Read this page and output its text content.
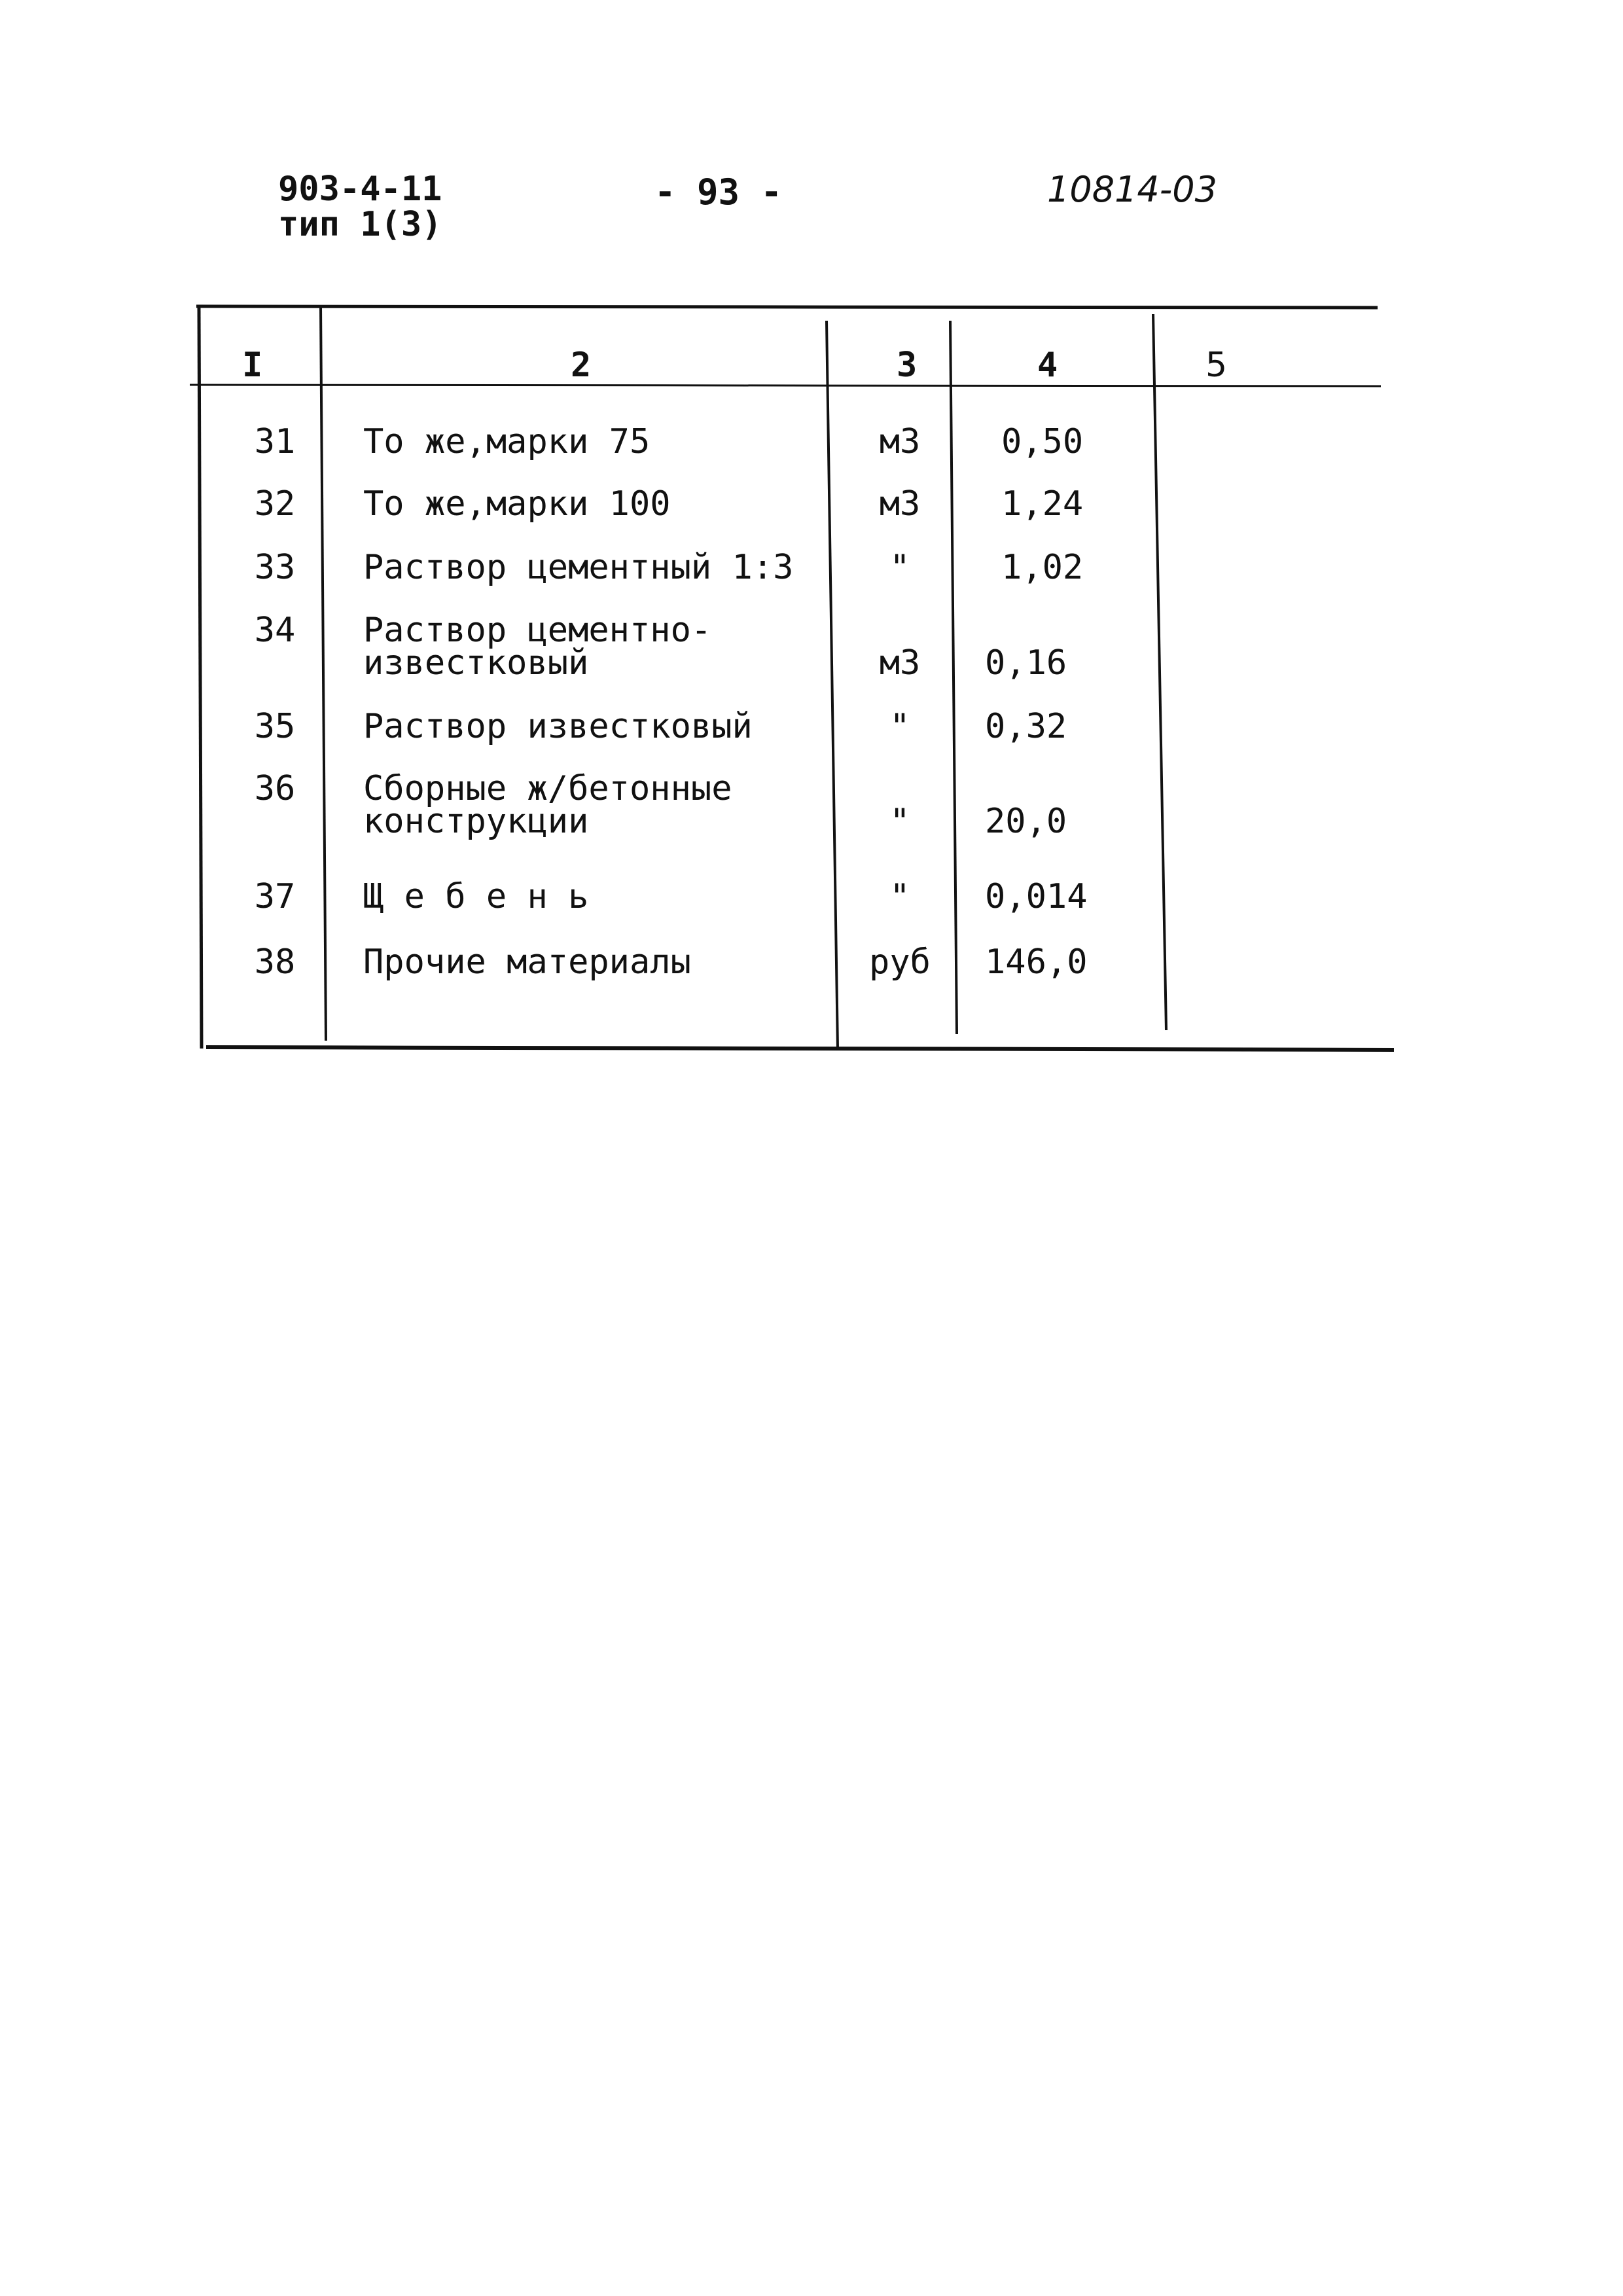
903-4-11
тип 1(3)
- 93 -	10814-03
I	2	3	4	5
31	То же,марки 75	м3	0,50
32	То же,марки 100	м3	1,24
33	Раствор цементный 1:3	"	1,02
34	Раствор цементно-
известковый	м3	0,16
35	Раствор известковый	"	0,32
36	Сборные ж/бетонные
конструкции	"	20,0
37	Щ е б е н ь	"	0,014
38	Прочие материалы	руб	146,0
